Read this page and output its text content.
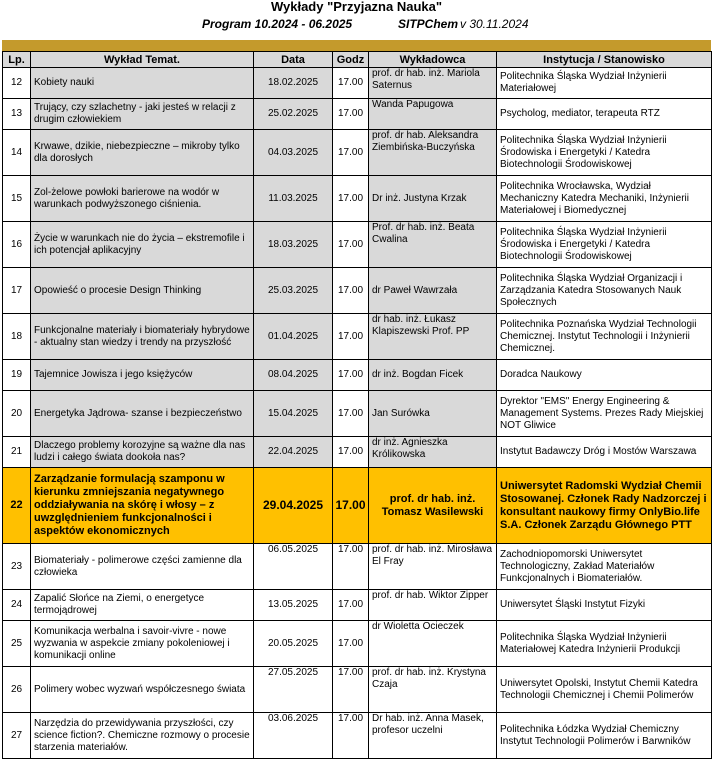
Wykłady "Przyjazna Nauka"
Program 10.2024 - 06.2025	SITPChem v 30.11.2024
Lp.	Wykład Temat.	Data	Godz	Wykładowca	Instytucja / Stanowisko
12	Kobiety nauki	18.02.2025	17.00	prof. dr hab. inż. Mariola Saternus	Politechnika Śląska Wydział Inżynierii Materiałowej
13	Trujący, czy szlachetny - jaki jesteś w relacji z drugim człowiekiem	25.02.2025	17.00	Wanda Papugowa	Psycholog, mediator, terapeuta RTZ
14	Krwawe, dzikie, niebezpieczne – mikroby tylko dla dorosłych	04.03.2025	17.00	prof. dr hab. Aleksandra Ziembińska-Buczyńska	Politechnika Śląska Wydział Inżynierii Środowiska i Energetyki / Katedra Biotechnologii Środowiskowej
15	Zol-żelowe powłoki barierowe na wodór w warunkach podwyższonego ciśnienia.	11.03.2025	17.00	Dr inż. Justyna Krzak	Politechnika Wrocławska, Wydział Mechaniczny Katedra Mechaniki, Inżynierii Materiałowej i Biomedycznej
16	Życie w warunkach nie do życia – ekstremofile i ich potencjał aplikacyjny	18.03.2025	17.00	Prof. dr hab. inż. Beata Cwalina	Politechnika Śląska Wydział Inżynierii Środowiska i Energetyki / Katedra Biotechnologii Środowiskowej
17	Opowieść o procesie Design Thinking	25.03.2025	17.00	dr Paweł Wawrzała	Politechnika Śląska Wydział Organizacji i Zarządzania Katedra Stosowanych Nauk Społecznych
18	Funkcjonalne materiały i biomateriały hybrydowe - aktualny stan wiedzy i trendy na przyszłość	01.04.2025	17.00	dr hab. inż. Łukasz Klapiszewski Prof. PP	Politechnika Poznańska Wydział Technologii Chemicznej. Instytut Technologii i Inżynierii Chemicznej.
19	Tajemnice Jowisza i jego księżyców	08.04.2025	17.00	dr inż. Bogdan Ficek	Doradca Naukowy
20	Energetyka Jądrowa- szanse i bezpieczeństwo	15.04.2025	17.00	Jan Surówka	Dyrektor "EMS" Energy Engineering & Management Systems. Prezes Rady Miejskiej NOT Gliwice
21	Dlaczego problemy korozyjne są ważne dla nas ludzi i całego świata dookoła nas?	22.04.2025	17.00	dr inż. Agnieszka Królikowska	Instytut Badawczy Dróg i Mostów Warszawa
22	Zarządzanie formulacją szamponu w kierunku zmniejszania negatywnego oddziaływania na skórę i włosy – z uwzględnieniem funkcjonalności i aspektów ekonomicznych	29.04.2025	17.00	prof. dr hab. inż. Tomasz Wasilewski	Uniwersytet Radomski Wydział Chemii Stosowanej. Członek Rady Nadzorczej i konsultant naukowy firmy OnlyBio.life S.A. Członek Zarządu Głównego PTT
23	Biomateriały - polimerowe części zamienne dla człowieka	06.05.2025	17.00	prof. dr hab. inż. Mirosława El Fray	Zachodniopomorski Uniwersytet Technologiczny, Zakład Materiałów Funkcjonalnych i Biomateriałów.
24	Zapalić Słońce na Ziemi, o energetyce termojądrowej	13.05.2025	17.00	prof. dr hab. Wiktor Zipper	Uniwersytet Śląski Instytut Fizyki
25	Komunikacja werbalna i savoir-vivre - nowe wyzwania w aspekcie zmiany pokoleniowej i komunikacji online	20.05.2025	17.00	dr Wioletta Ocieczek	Politechnika Śląska Wydział Inżynierii Materiałowej Katedra Inżynierii Produkcji
26	Polimery wobec wyzwań współczesnego świata	27.05.2025	17.00	prof. dr hab. inż. Krystyna Czaja	Uniwersytet Opolski, Instytut Chemii Katedra Technologii Chemicznej i Chemii Polimerów
27	Narzędzia do przewidywania przyszłości, czy science fiction?. Chemiczne rozmowy o procesie starzenia materiałów.	03.06.2025	17.00	Dr hab. inż. Anna Masek, profesor uczelni	Politechnika Łódzka Wydział Chemiczny Instytut Technologii Polimerów i Barwników
